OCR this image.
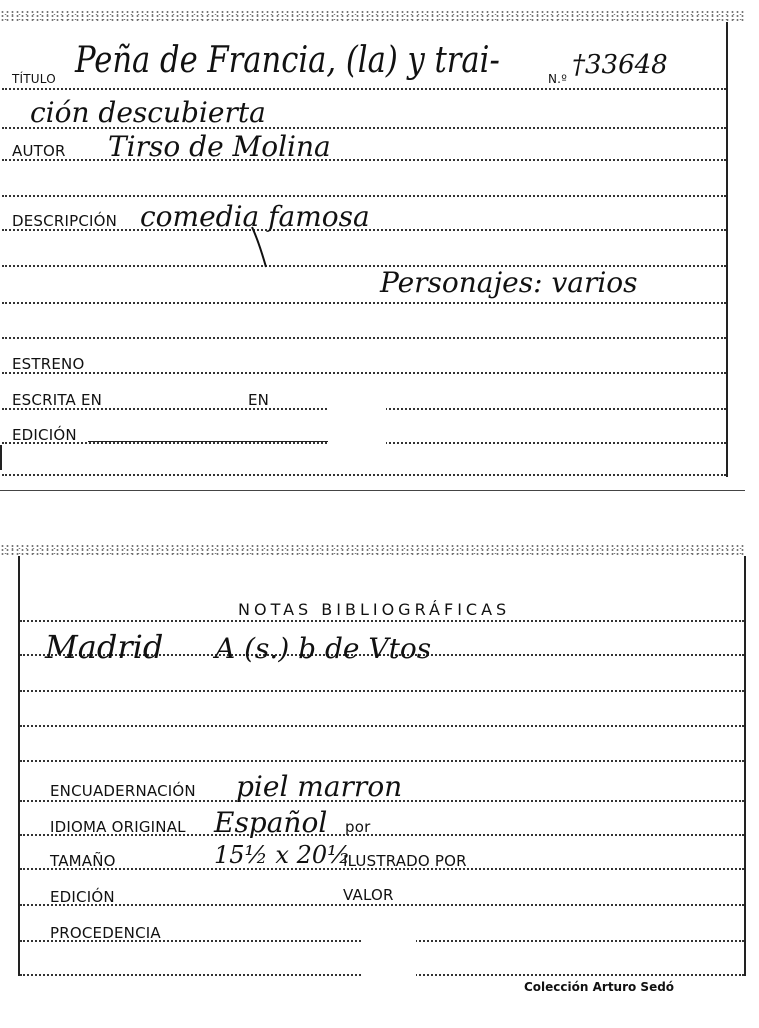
TÍTULO Peña de Francia, (la) y trai-	N.º †33648
ción descubierta
AUTOR Tirso de Molina
DESCRIPCIÓN comedia famosa
Personajes: varios
ESTRENO
ESCRITA EN	EN
EDICIÓN
NOTAS BIBLIOGRÁFICAS
Madrid A (s.) b de Vtos
ENCUADERNACIÓN piel marron
IDIOMA ORIGINAL Español por
TAMAÑO	15½ x 20½
ILUSTRADO POR
EDICIÓN	VALOR
PROCEDENCIA
Colección Arturo Sedó
